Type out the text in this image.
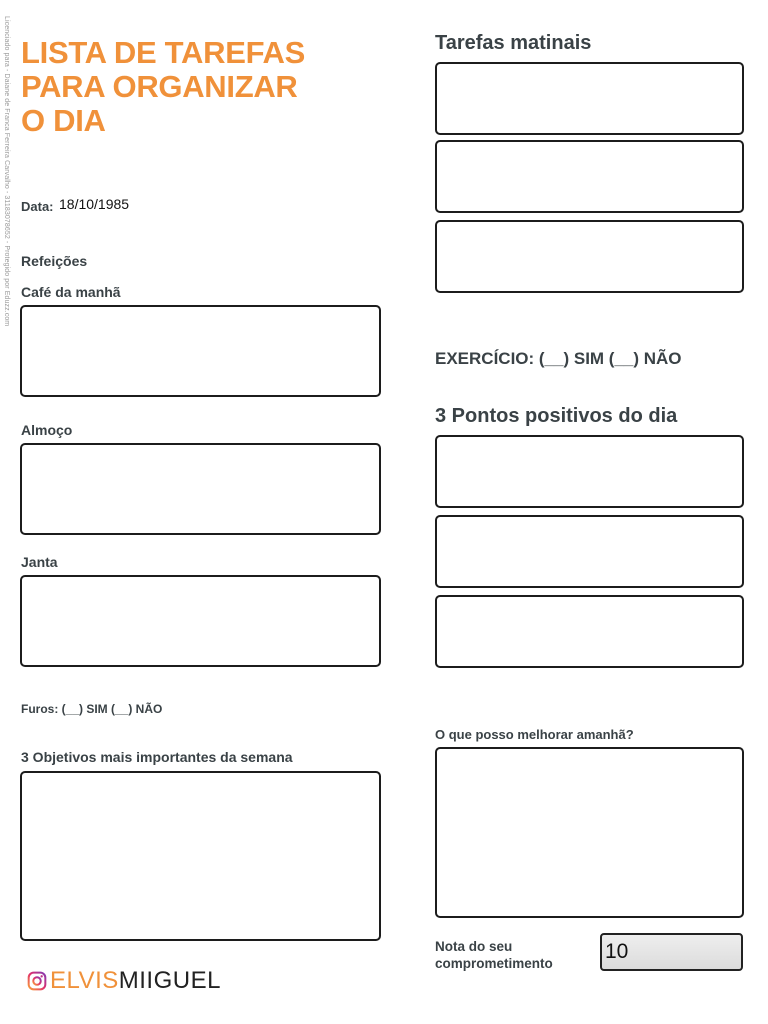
Licenciado para - Daiane de Franca Ferreira Carvalho - 31183078652 - Protegido por Eduzz.com LISTA DE TAREFAS
PARA ORGANIZAR
O DIA
Data: 18/10/1985
Refeições
Café da manhã
Almoço
Janta
Furos: (__) SIM (__) NÃO
3 Objetivos mais importantes da semana
Tarefas matinais
EXERCÍCIO: (__) SIM (__) NÃO
3 Pontos positivos do dia
O que posso melhorar amanhã?
Nota do seu
comprometimento
10
ELVIS MIIGUEL
